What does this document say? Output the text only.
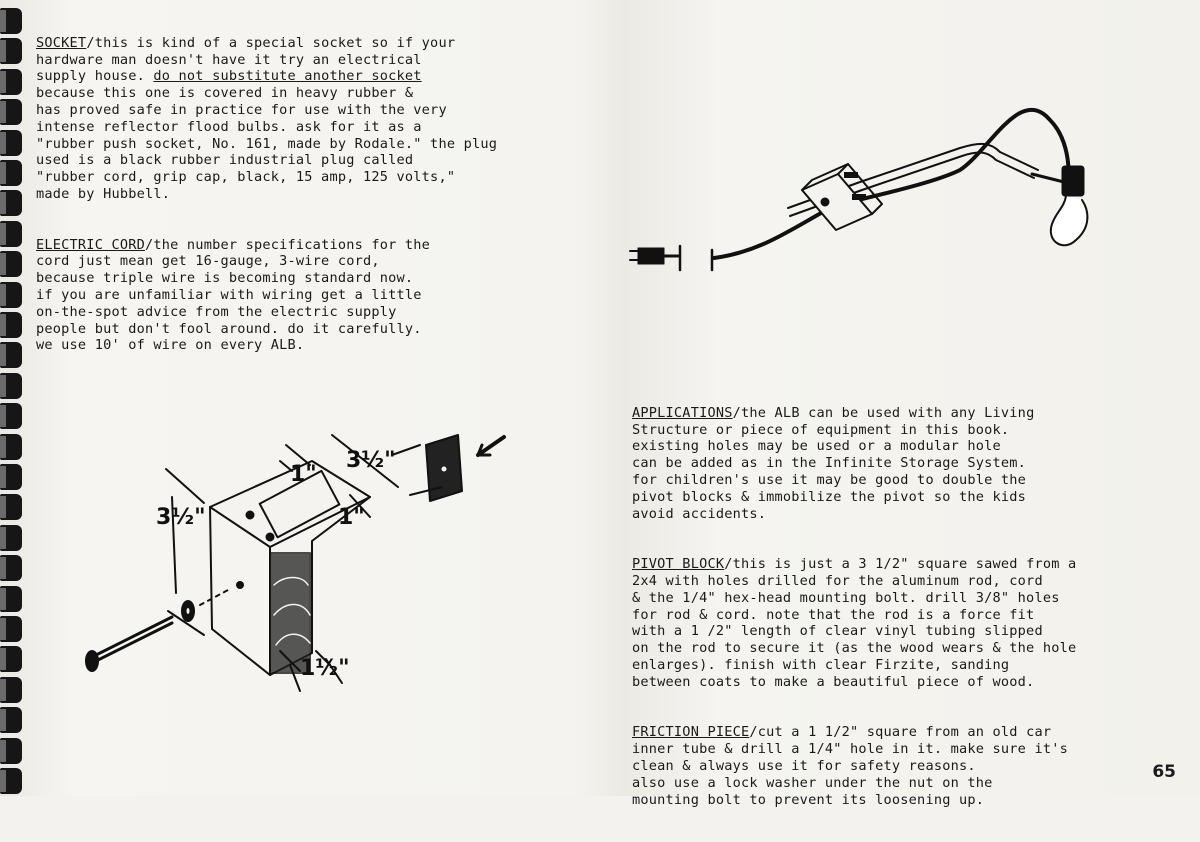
SOCKET/this is kind of a special socket so if your
hardware man doesn't have it try an electrical
supply house. do not substitute another socket
because this one is covered in heavy rubber &
has proved safe in practice for use with the very
intense reflector flood bulbs. ask for it as a
"rubber push socket, No. 161, made by Rodale." the plug
used is a black rubber industrial plug called
"rubber cord, grip cap, black, 15 amp, 125 volts,"
made by Hubbell.

ELECTRIC CORD/the number specifications for the
cord just mean get 16-gauge, 3-wire cord,
because triple wire is becoming standard now.
if you are unfamiliar with wiring get a little
on-the-spot advice from the electric supply
people but don't fool around. do it carefully.
we use 10' of wire on every ALB.

APPLICATIONS/the ALB can be used with any Living
Structure or piece of equipment in this book.
existing holes may be used or a modular hole
can be added as in the Infinite Storage System.
for children's use it may be good to double the
pivot blocks & immobilize the pivot so the kids
avoid accidents.

PIVOT BLOCK/this is just a 3 1/2" square sawed from a
2x4 with holes drilled for the aluminum rod, cord
& the 1/4" hex-head mounting bolt. drill 3/8" holes
for rod & cord. note that the rod is a force fit
with a 1 /2" length of clear vinyl tubing slipped
on the rod to secure it (as the wood wears & the hole
enlarges). finish with clear Firzite, sanding
between coats to make a beautiful piece of wood.

FRICTION PIECE/cut a 1 1/2" square from an old car
inner tube & drill a 1/4" hole in it. make sure it's
clean & always use it for safety reasons.
also use a lock washer under the nut on the
mounting bolt to prevent its loosening up.

3½"
3½"
1"
1"
1½"
65
